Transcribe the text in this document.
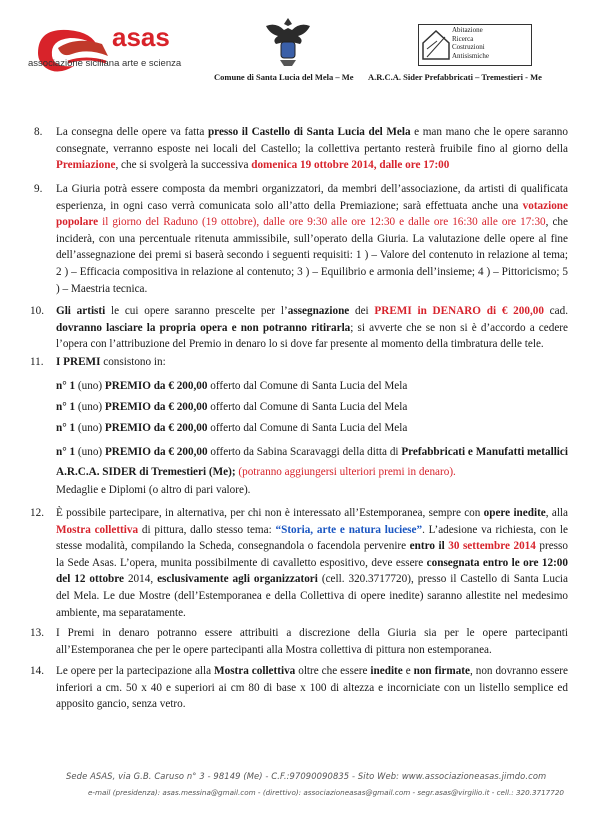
asas
associazione siciliana arte e scienza
Comune di Santa Lucia del Mela – Me
Abitazione
Ricerca
Costruzioni
Antisismiche
A.R.C.A. Sider Prefabbricati – Tremestieri - Me
8. La consegna delle opere va fatta presso il Castello di Santa Lucia del Mela e man mano che le opere saranno consegnate, verranno esposte nei locali del Castello; la collettiva pertanto resterà fruibile fino al giorno della Premiazione, che si svolgerà la successiva domenica 19 ottobre 2014, dalle ore 17:00
9. La Giuria potrà essere composta da membri organizzatori, da membri dell’associazione, da artisti di qualificata esperienza, in ogni caso verrà comunicata solo all’atto della Premiazione; sarà effettuata anche una votazione popolare il giorno del Raduno (19 ottobre), dalle ore 9:30 alle ore 12:30 e dalle ore 16:30 alle ore 17:30, che inciderà, con una percentuale ritenuta ammissibile, sull’operato della Giuria. La valutazione delle opere al fine dell’assegnazione dei premi si baserà secondo i seguenti requisiti: 1 ) – Valore del contenuto in relazione al tema; 2 ) – Efficacia compositiva in relazione al contenuto; 3 ) – Equilibrio e armonia dell’insieme; 4 ) – Pittoricismo; 5 ) – Maestria tecnica.
10. Gli artisti le cui opere saranno prescelte per l’assegnazione dei PREMI in DENARO di € 200,00 cad. dovranno lasciare la propria opera e non potranno ritirarla; si avverte che se non si è d’accordo a cedere l’opera con l’attribuzione del Premio in denaro lo si dove far presente al momento della timbratura delle tele.
11. I PREMI consistono in:
n° 1 (uno) PREMIO da € 200,00 offerto dal Comune di Santa Lucia del Mela
n° 1 (uno) PREMIO da € 200,00 offerto dal Comune di Santa Lucia del Mela
n° 1 (uno) PREMIO da € 200,00 offerto dal Comune di Santa Lucia del Mela
n° 1 (uno) PREMIO da € 200,00 offerto da Sabina Scaravaggi della ditta di Prefabbricati e Manufatti metallici A.R.C.A. SIDER di Tremestieri (Me); (potranno aggiungersi ulteriori premi in denaro).
Medaglie e Diplomi (o altro di pari valore).
12. È possibile partecipare, in alternativa, per chi non è interessato all’Estemporanea, sempre con opere inedite, alla Mostra collettiva di pittura, dallo stesso tema: “Storia, arte e natura luciese”. L’adesione va richiesta, con le stesse modalità, compilando la Scheda, consegnandola o facendola pervenire entro il 30 settembre 2014 presso la Sede Asas. L’opera, munita possibilmente di cavalletto espositivo, deve essere consegnata entro le ore 12:00 del 12 ottobre 2014, esclusivamente agli organizzatori (cell. 320.3717720), presso il Castello di Santa Lucia del Mela. Le due Mostre (dell’Estemporanea e della Collettiva di opere inedite) saranno allestite nel medesimo ambiente, ma separatamente.
13. I Premi in denaro potranno essere attribuiti a discrezione della Giuria sia per le opere partecipanti all’Estemporanea che per le opere partecipanti alla Mostra collettiva di pittura non estemporanea.
14. Le opere per la partecipazione alla Mostra collettiva oltre che essere inedite e non firmate, non dovranno essere inferiori a cm. 50 x 40 e superiori ai cm 80 di base x 100 di altezza e incorniciate con un listello semplice ed apposito gancio, senza vetro.
Sede ASAS, via G.B. Caruso n° 3 - 98149 (Me) - C.F.:97090090835 - Sito Web: www.associazioneasas.jimdo.com
e-mail (presidenza): asas.messina@gmail.com - (direttivo): associazioneasas@gmail.com - segr.asas@virgilio.it - cell.: 320.3717720
